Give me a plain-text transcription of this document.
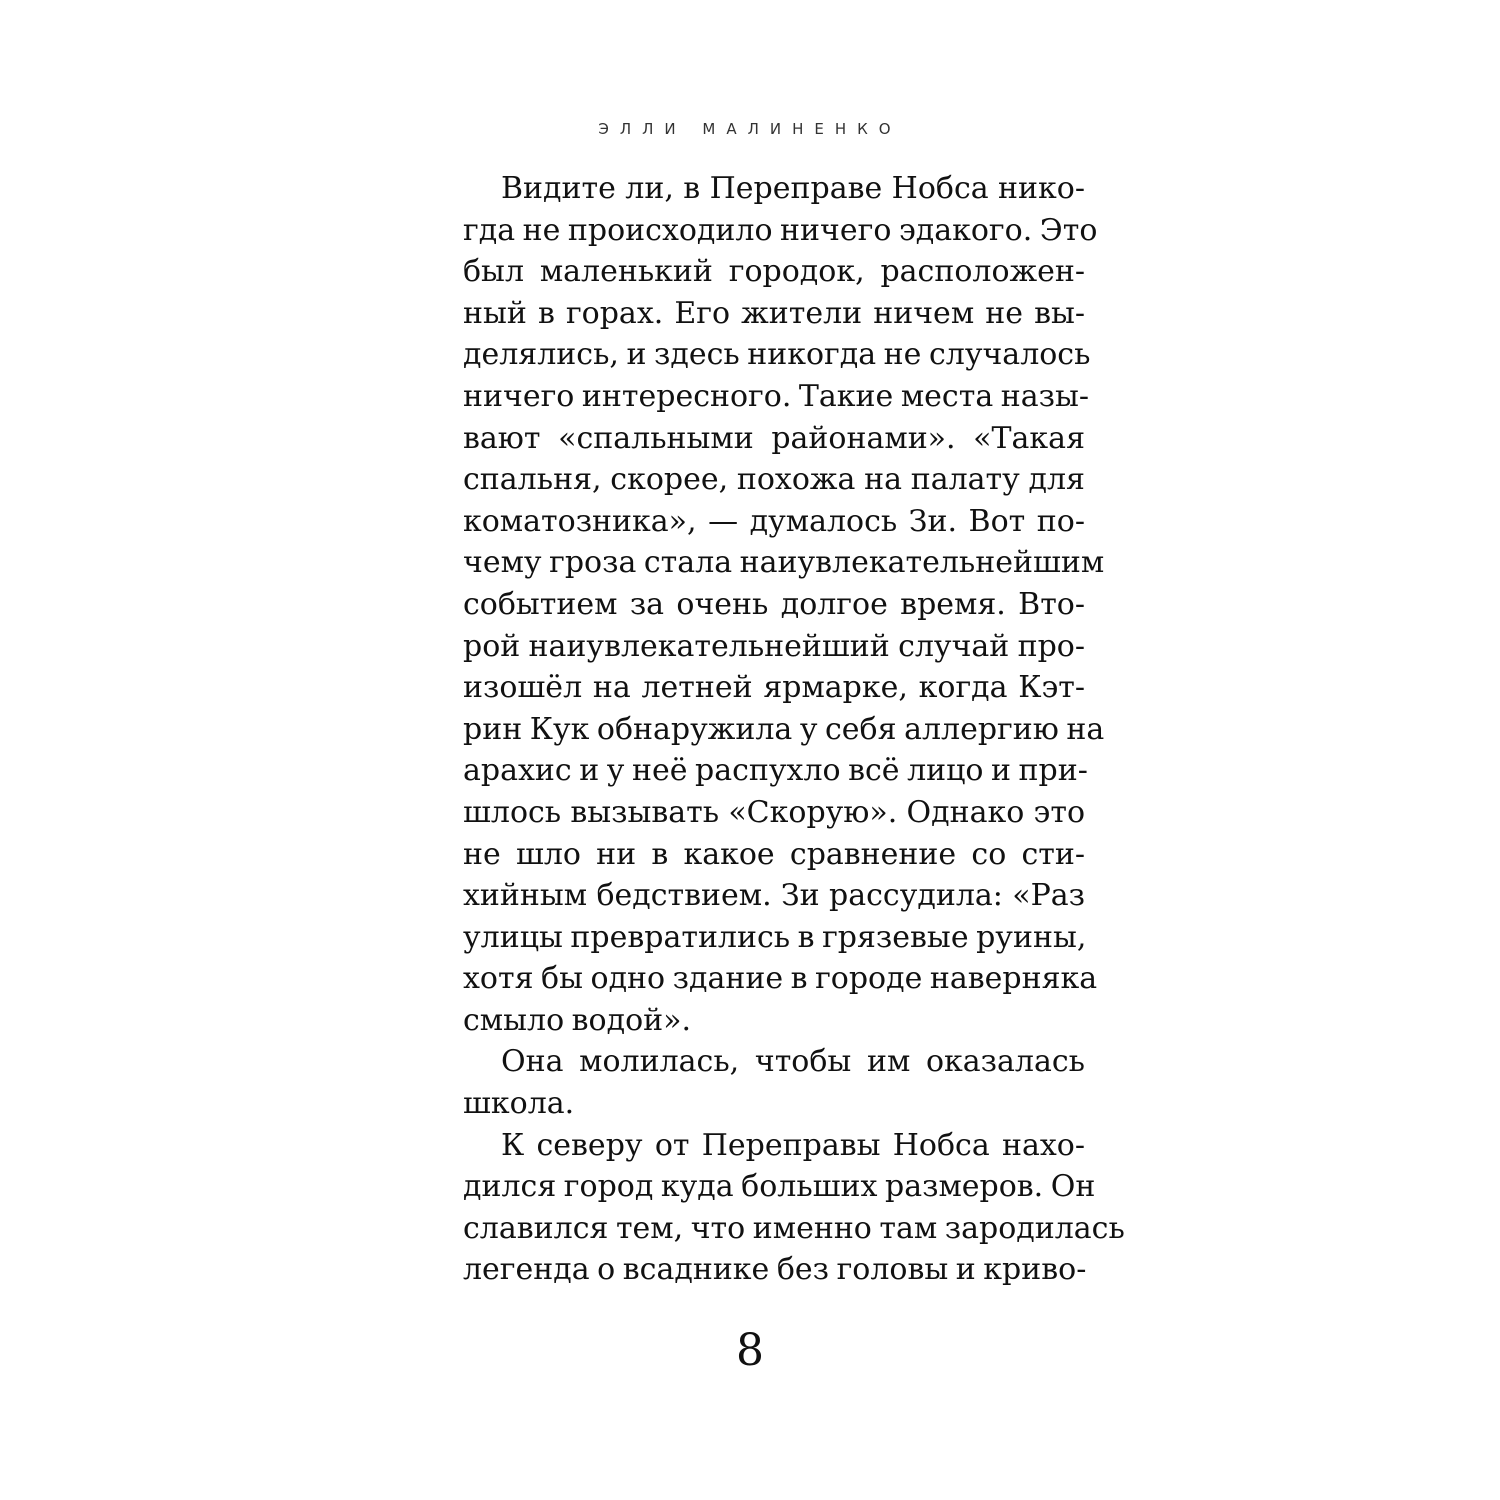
ЭЛЛИ МАЛИНЕНКО
Видите ли, в Переправе Нобса нико-
гда не происходило ничего эдакого. Это
был маленький городок, расположен-
ный в горах. Его жители ничем не вы-
делялись, и здесь никогда не случалось
ничего интересного. Такие места назы-
вают «спальными районами». «Такая
спальня, скорее, похожа на палату для
коматозника», — думалось Зи. Вот по-
чему гроза стала наиувлекательнейшим
событием за очень долгое время. Вто-
рой наиувлекательнейший случай про-
изошёл на летней ярмарке, когда Кэт-
рин Кук обнаружила у себя аллергию на
арахис и у неё распухло всё лицо и при-
шлось вызывать «Скорую». Однако это
не шло ни в какое сравнение со сти-
хийным бедствием. Зи рассудила: «Раз
улицы превратились в грязевые руины,
хотя бы одно здание в городе наверняка
смыло водой».
Она молилась, чтобы им оказалась
школа.
К северу от Переправы Нобса нахо-
дился город куда больших размеров. Он
славился тем, что именно там зародилась
легенда о всаднике без головы и криво-
8
